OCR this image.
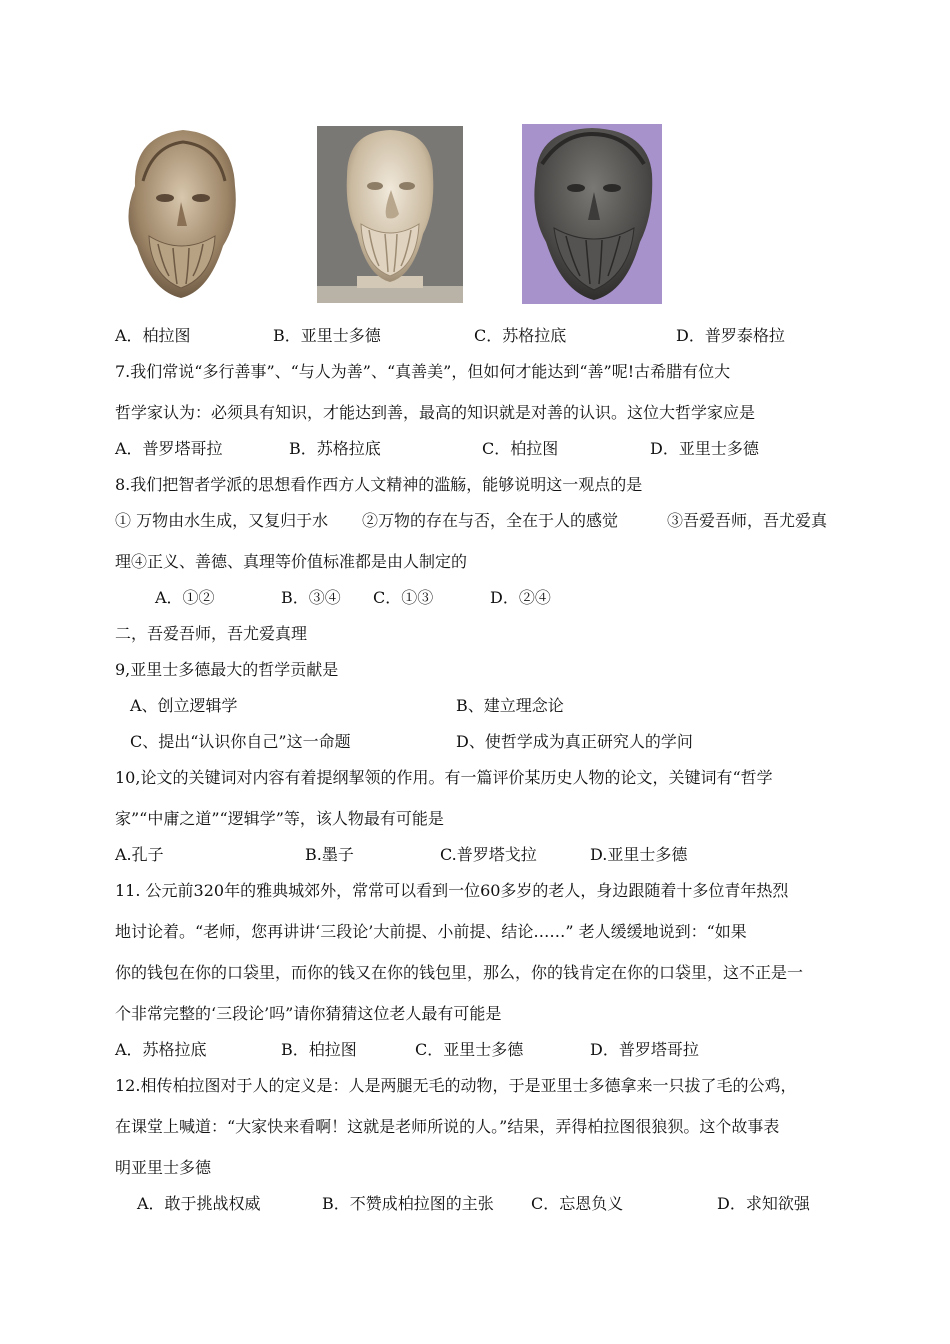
A．柏拉图	B．亚里士多德	C．苏格拉底	D．普罗泰格拉
7.我们常说“多行善事”、“与人为善”、“真善美”，但如何才能达到“善”呢!古希腊有位大
哲学家认为：必须具有知识，才能达到善，最高的知识就是对善的认识。这位大哲学家应是
A．普罗塔哥拉	B．苏格拉底	C．柏拉图	D．亚里士多德
8.我们把智者学派的思想看作西方人文精神的滥觞，能够说明这一观点的是
① 万物由水生成，又复归于水 ②万物的存在与否，全在于人的感觉	③吾爱吾师，吾尤爱真
理④正义、善德、真理等价值标准都是由人制定的
A．①②	B．③④ C．①③	D．②④
二，吾爱吾师，吾尤爱真理
9,亚里士多德最大的哲学贡献是
A、创立逻辑学	B、建立理念论
C、提出“认识你自己”这一命题	D、使哲学成为真正研究人的学问
10,论文的关键词对内容有着提纲挈领的作用。有一篇评价某历史人物的论文，关键词有“哲学
家”“中庸之道”“逻辑学”等，该人物最有可能是
A.孔子	B.墨子	C.普罗塔戈拉	D.亚里士多德
11. 公元前320年的雅典城郊外，常常可以看到一位60多岁的老人，身边跟随着十多位青年热烈
地讨论着。“老师，您再讲讲‘三段论’大前提、小前提、结论……” 老人缓缓地说到：“如果
你的钱包在你的口袋里，而你的钱又在你的钱包里，那么，你的钱肯定在你的口袋里，这不正是一
个非常完整的‘三段论’吗”请你猜猜这位老人最有可能是
A．苏格拉底	B．柏拉图	C．亚里士多德	D．普罗塔哥拉
12.相传柏拉图对于人的定义是：人是两腿无毛的动物，于是亚里士多德拿来一只拔了毛的公鸡，
在课堂上喊道：“大家快来看啊！这就是老师所说的人。”结果，弄得柏拉图很狼狈。这个故事表
明亚里士多德
A．敢于挑战权威	B．不赞成柏拉图的主张 C．忘恩负义	D．求知欲强
